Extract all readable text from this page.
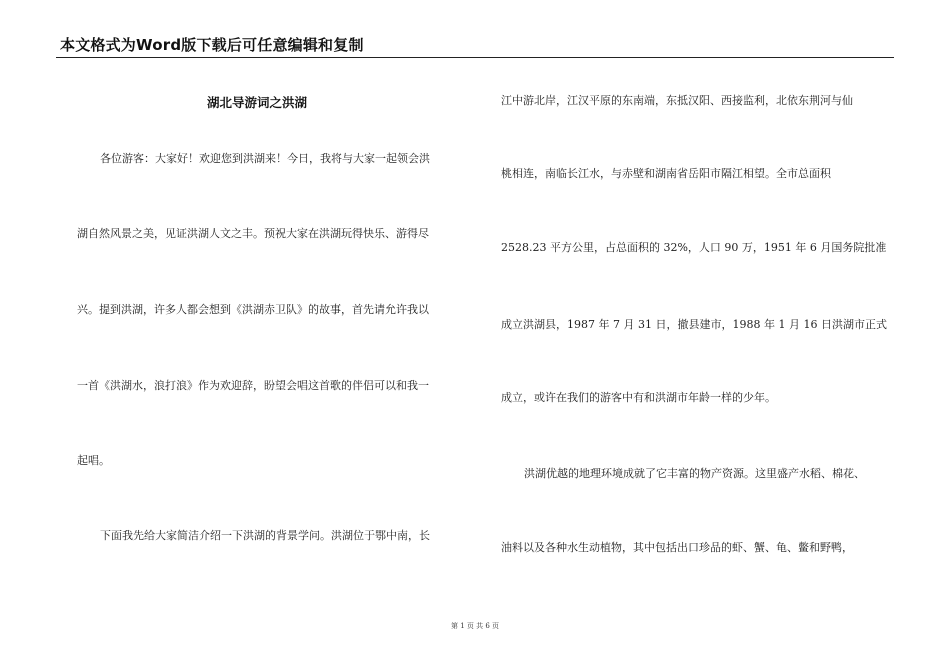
本文格式为Word版下载后可任意编辑和复制
湖北导游词之洪湖
各位游客：大家好！欢迎您到洪湖来！今日，我将与大家一起领会洪
湖自然风景之美，见证洪湖人文之丰。预祝大家在洪湖玩得快乐、游得尽
兴。提到洪湖，许多人都会想到《洪湖赤卫队》的故事，首先请允许我以
一首《洪湖水，浪打浪》作为欢迎辞，盼望会唱这首歌的伴侣可以和我一
起唱。
下面我先给大家简洁介绍一下洪湖的背景学问。洪湖位于鄂中南，长
江中游北岸，江汉平原的东南端，东抵汉阳、西接监利，北依东荆河与仙
桃相连，南临长江水，与赤壁和湖南省岳阳市隔江相望。全市总面积
2528.23 平方公里，占总面积的 32%，人口 90 万，1951 年 6 月国务院批准
成立洪湖县，1987 年 7 月 31 日，撤县建市，1988 年 1 月 16 日洪湖市正式
成立，或许在我们的游客中有和洪湖市年龄一样的少年。
洪湖优越的地理环境成就了它丰富的物产资源。这里盛产水稻、棉花、
油料以及各种水生动植物，其中包括出口珍品的虾、蟹、龟、鳖和野鸭，
第 1 页 共 6 页
